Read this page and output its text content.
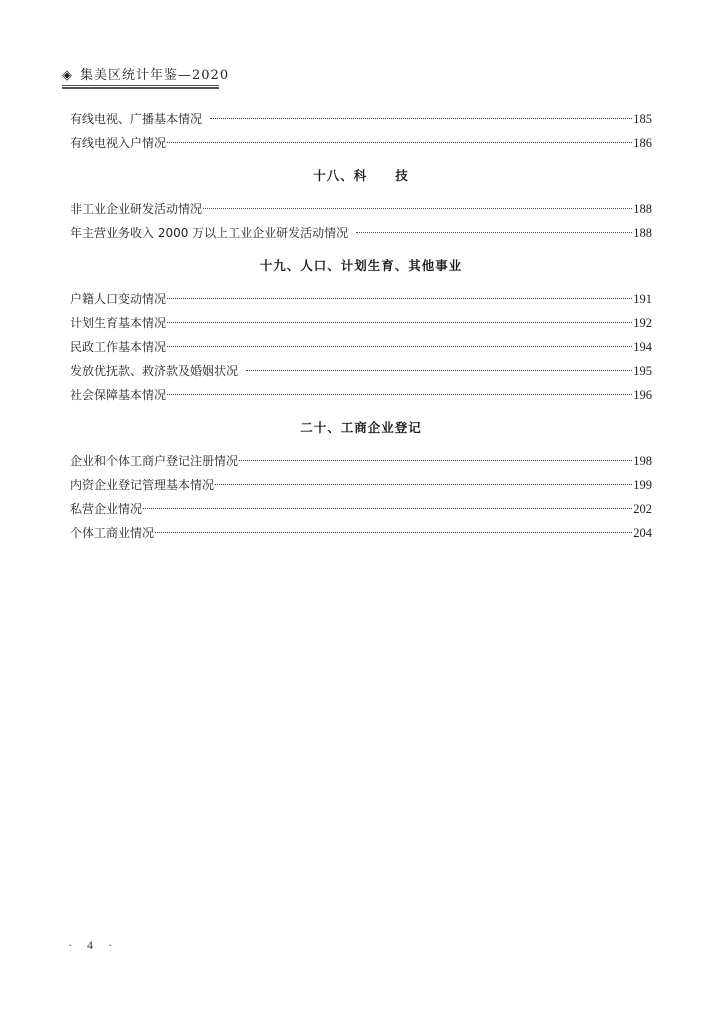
◈ 集美区统计年鉴—2020
有线电视、广播基本情况	185
有线电视入户情况	186
十八、科 技
非工业企业研发活动情况	188
年主营业务收入 2000 万以上工业企业研发活动情况	188
十九、人口、计划生育、其他事业
户籍人口变动情况	191
计划生育基本情况	192
民政工作基本情况	194
发放优抚款、救济款及婚姻状况	195
社会保障基本情况	196
二十、工商企业登记
企业和个体工商户登记注册情况	198
内资企业登记管理基本情况	199
私营企业情况	202
个体工商业情况	204
· 4 ·
